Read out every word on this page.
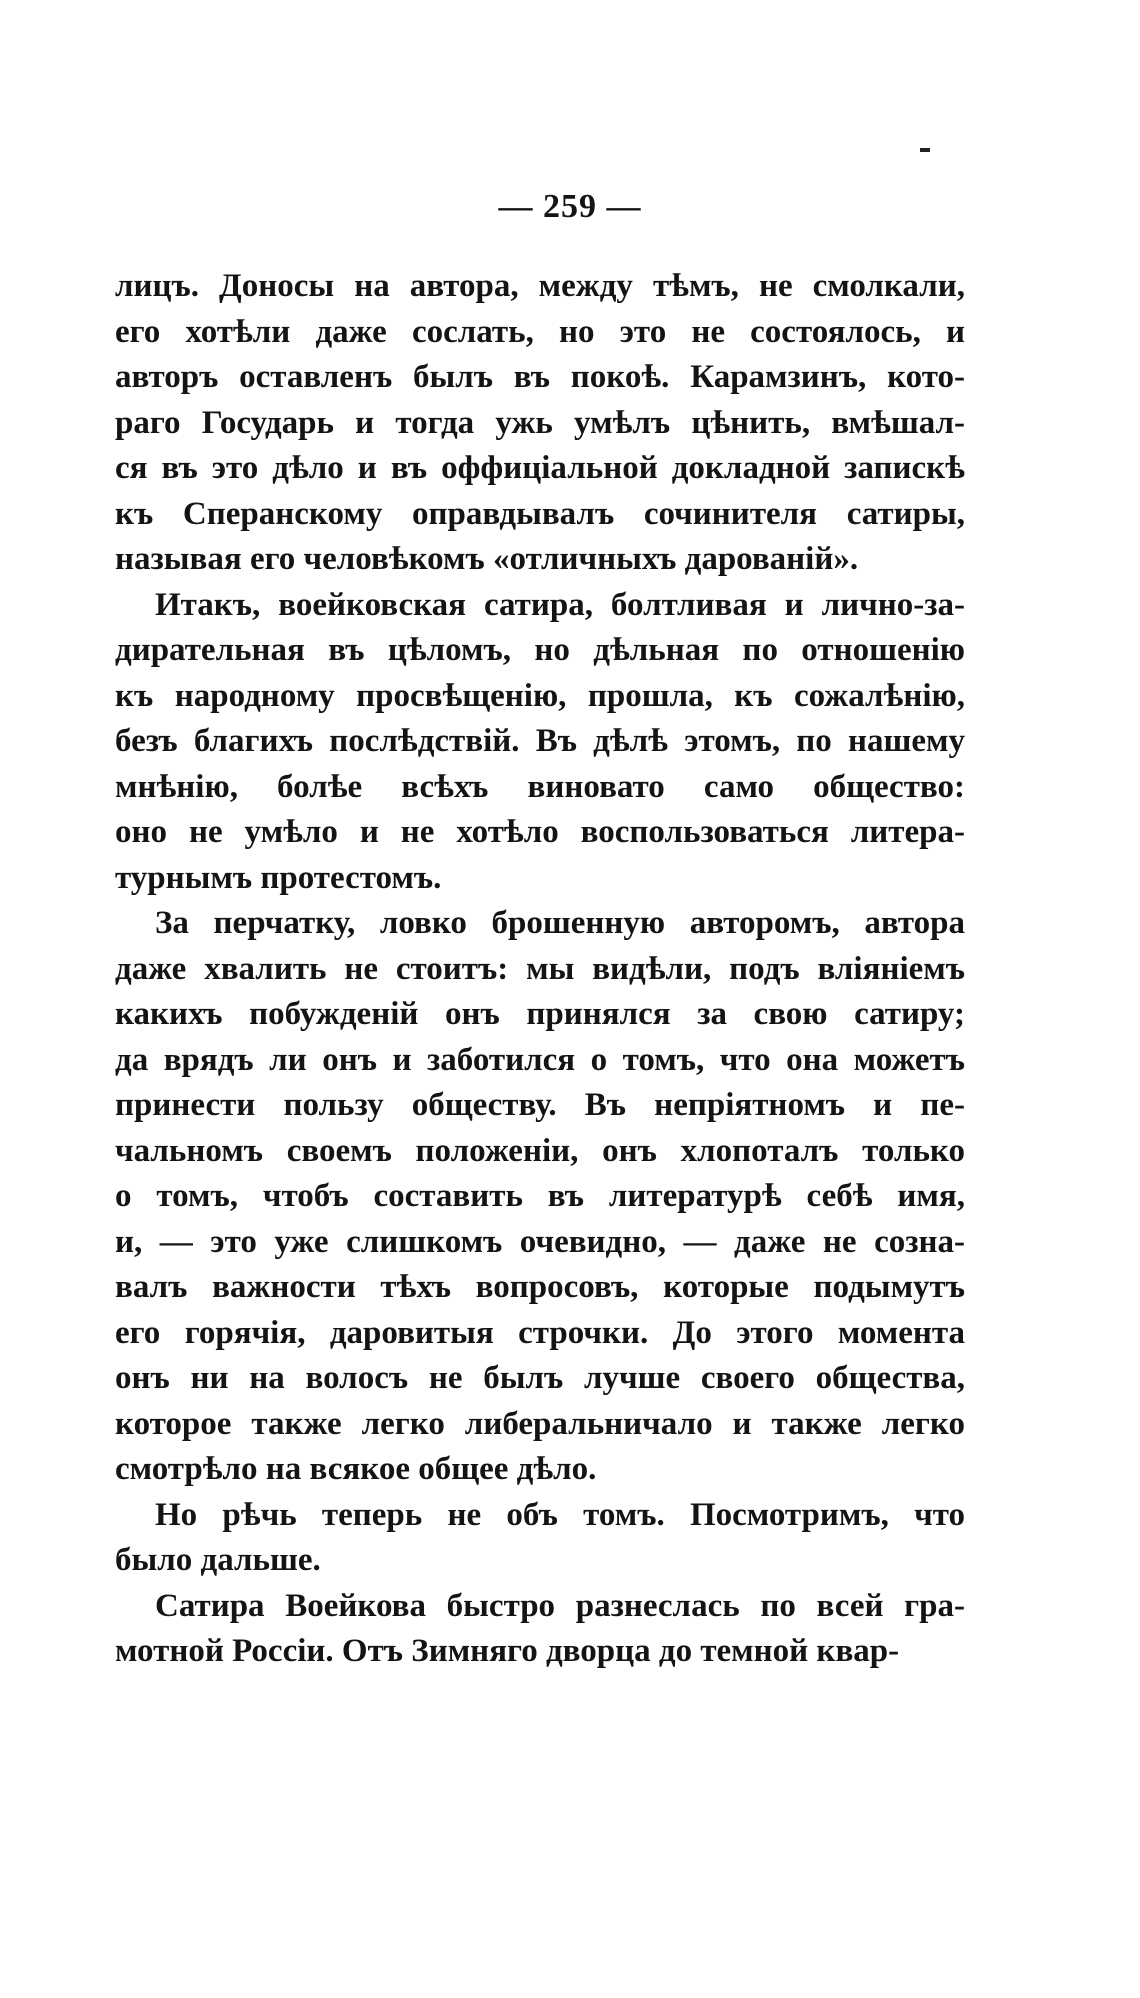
— 259 —
лицъ. Доносы на автора, между тѣмъ, не смолкали,
его хотѣли даже сослать, но это не состоялось, и
авторъ оставленъ былъ въ покоѣ. Карамзинъ, кото-
раго Государь и тогда ужь умѣлъ цѣнить, вмѣшал-
ся въ это дѣло и въ оффиціальной докладной запискѣ
къ Сперанскому оправдывалъ сочинителя сатиры,
называя его человѣкомъ «отличныхъ дарованій».
Итакъ, воейковская сатира, болтливая и лично-за-
дирательная въ цѣломъ, но дѣльная по отношенію
къ народному просвѣщенію, прошла, къ сожалѣнію,
безъ благихъ послѣдствій. Въ дѣлѣ этомъ, по нашему
мнѣнію, болѣе всѣхъ виновато само общество:
оно не умѣло и не хотѣло воспользоваться литера-
турнымъ протестомъ.
За перчатку, ловко брошенную авторомъ, автора
даже хвалить не стоитъ: мы видѣли, подъ вліяніемъ
какихъ побужденій онъ принялся за свою сатиру;
да врядъ ли онъ и заботился о томъ, что она можетъ
принести пользу обществу. Въ непріятномъ и пе-
чальномъ своемъ положеніи, онъ хлопоталъ только
о томъ, чтобъ составить въ литературѣ себѣ имя,
и, — это уже слишкомъ очевидно, — даже не созна-
валъ важности тѣхъ вопросовъ, которые подымутъ
его горячія, даровитыя строчки. До этого момента
онъ ни на волосъ не былъ лучше своего общества,
которое также легко либеральничало и также легко
смотрѣло на всякое общее дѣло.
Но рѣчь теперь не объ томъ. Посмотримъ, что
было дальше.
Сатира Воейкова быстро разнеслась по всей гра-
мотной Россіи. Отъ Зимняго дворца до темной квар-
